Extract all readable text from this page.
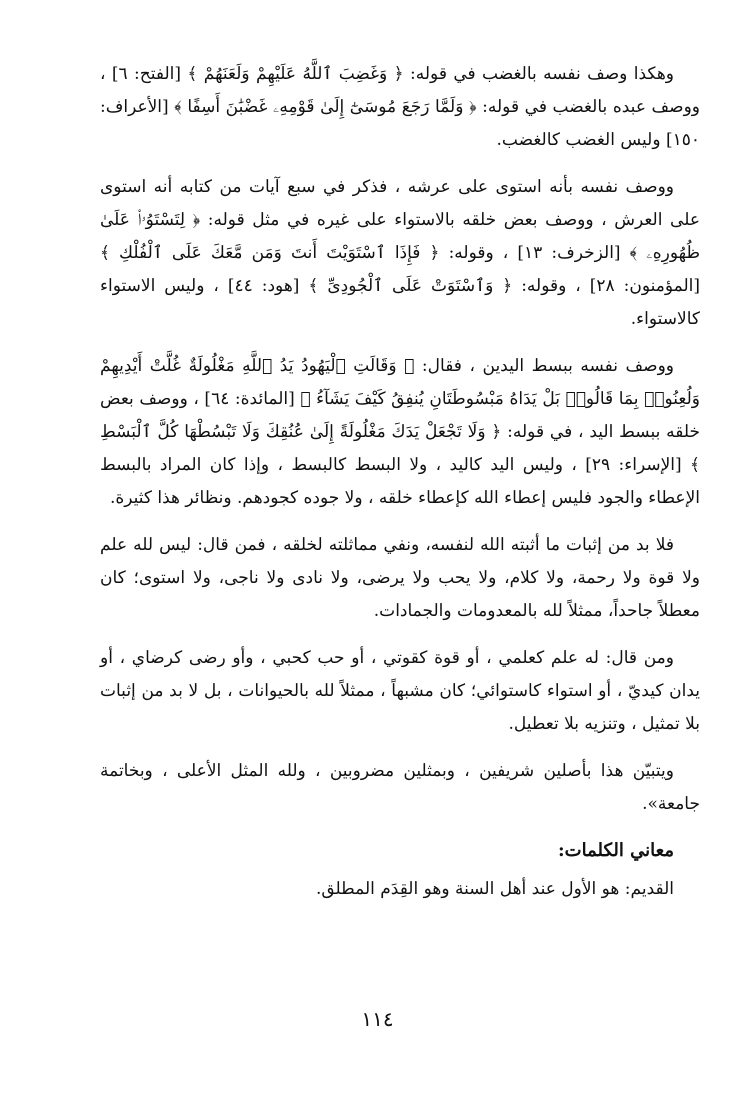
وهكذا وصف نفسه بالغضب في قوله: ﴿ وَغَضِبَ ٱللَّهُ عَلَيْهِمْ وَلَعَنَهُمْ ﴾ [الفتح: ٦] ، ووصف عبده بالغضب في قوله: ﴿ وَلَمَّا رَجَعَ مُوسَىٰٓ إِلَىٰ قَوْمِهِۦ غَضْبَٰنَ أَسِفًا ﴾ [الأعراف: ١٥٠] وليس الغضب كالغضب.

ووصف نفسه بأنه استوى على عرشه ، فذكر في سبع آيات من كتابه أنه استوى على العرش ، ووصف بعض خلقه بالاستواء على غيره في مثل قوله: ﴿ لِتَسْتَوُۥا۟ عَلَىٰ ظُهُورِهِۦ ﴾ [الزخرف: ١٣] ، وقوله: ﴿ فَإِذَا ٱسْتَوَيْتَ أَنتَ وَمَن مَّعَكَ عَلَى ٱلْفُلْكِ ﴾ [المؤمنون: ٢٨] ، وقوله: ﴿ وَٱسْتَوَتْ عَلَى ٱلْجُودِىِّ ﴾ [هود: ٤٤] ، وليس الاستواء كالاستواء.

ووصف نفسه ببسط اليدين ، فقال: ﴿ وَقَالَتِ ٱلْيَهُودُ يَدُ ٱللَّهِ مَغْلُولَةٌ غُلَّتْ أَيْدِيهِمْ وَلُعِنُوا۟ بِمَا قَالُوا۟ بَلْ يَدَاهُ مَبْسُوطَتَانِ يُنفِقُ كَيْفَ يَشَآءُ ﴾ [المائدة: ٦٤] ، ووصف بعض خلقه ببسط اليد ، في قوله: ﴿ وَلَا تَجْعَلْ يَدَكَ مَغْلُولَةً إِلَىٰ عُنُقِكَ وَلَا تَبْسُطْهَا كُلَّ ٱلْبَسْطِ ﴾ [الإسراء: ٢٩] ، وليس اليد كاليد ، ولا البسط كالبسط ، وإذا كان المراد بالبسط الإعطاء والجود فليس إعطاء الله كإعطاء خلقه ، ولا جوده كجودهم. ونظائر هذا كثيرة.

فلا بد من إثبات ما أثبته الله لنفسه، ونفي مماثلته لخلقه ، فمن قال: ليس لله علم ولا قوة ولا رحمة، ولا كلام، ولا يحب ولا يرضى، ولا نادى ولا ناجى، ولا استوى؛ كان معطلاً جاحداً، ممثلاً لله بالمعدومات والجمادات.

ومن قال: له علم كعلمي ، أو قوة كقوتي ، أو حب كحبي ، وأو رضى كرضاي ، أو يدان كيديّ ، أو استواء كاستوائي؛ كان مشبهاً ، ممثلاً لله بالحيوانات ، بل لا بد من إثبات بلا تمثيل ، وتنزيه بلا تعطيل.

ويتبيّن هذا بأصلين شريفين ، وبمثلين مضروبين ، ولله المثل الأعلى ، وبخاتمة جامعة».

معاني الكلمات:

القديم: هو الأول عند أهل السنة وهو القِدَم المطلق.

١١٤
